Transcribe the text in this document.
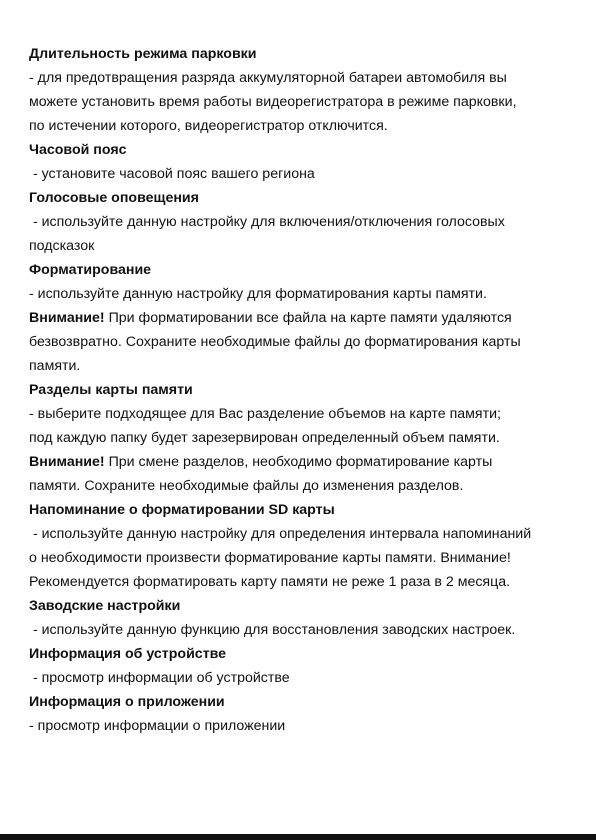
Длительность режима парковки

- для предотвращения разряда аккумуляторной батареи автомобиля вы

можете установить время работы видеорегистратора в режиме парковки,

по истечении которого, видеорегистратор отключится.

Часовой пояс

- установите часовой пояс вашего региона

Голосовые оповещения

- используйте данную настройку для включения/отключения голосовых

подсказок

Форматирование

- используйте данную настройку для форматирования карты памяти.

Внимание! При форматировании все файла на карте памяти удаляются

безвозвратно. Сохраните необходимые файлы до форматирования карты

памяти.

Разделы карты памяти

- выберите подходящее для Вас разделение объемов на карте памяти;

под каждую папку будет зарезервирован определенный объем памяти.

Внимание! При смене разделов, необходимо форматирование карты

памяти. Сохраните необходимые файлы до изменения разделов.

Напоминание о форматировании SD карты

- используйте данную настройку для определения интервала напоминаний

о необходимости произвести форматирование карты памяти. Внимание!

Рекомендуется форматировать карту памяти не реже 1 раза в 2 месяца.

Заводские настройки

- используйте данную функцию для восстановления заводских настроек.

Информация об устройстве

- просмотр информации об устройстве

Информация о приложении

- просмотр информации о приложении
